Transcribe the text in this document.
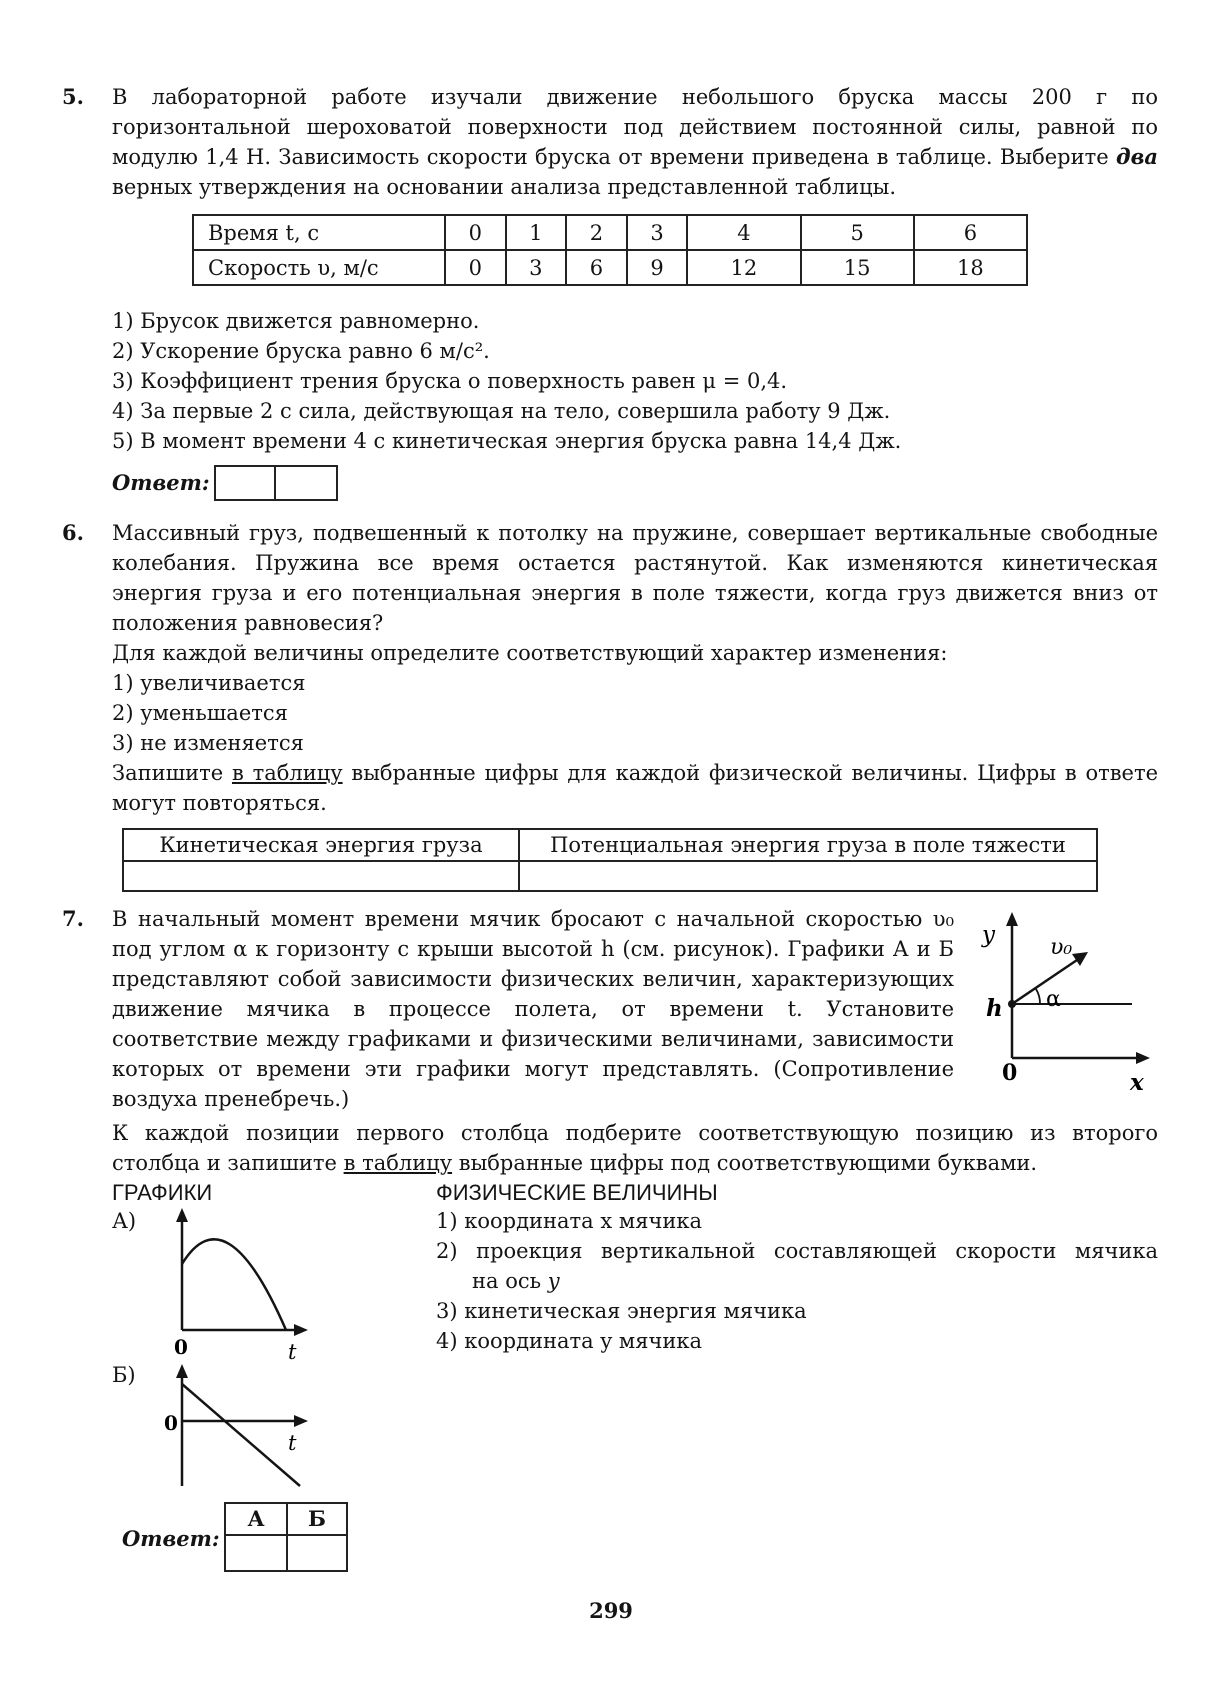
5. В лабораторной работе изучали движение небольшого бруска массы 200 г по горизонтальной шероховатой поверхности под действием постоянной силы, равной по модулю 1,4 Н. Зависимость скорости бруска от времени приведена в таблице. Выберите два верных утверждения на основании анализа представленной таблицы.
Время t, с	0	1	2	3	4	5	6
Скорость υ, м/с	0	3	6	9	12	15	18
1) Брусок движется равномерно.
2) Ускорение бруска равно 6 м/с².
3) Коэффициент трения бруска о поверхность равен μ = 0,4.
4) За первые 2 с сила, действующая на тело, совершила работу 9 Дж.
5) В момент времени 4 с кинетическая энергия бруска равна 14,4 Дж.
Ответ:
6. Массивный груз, подвешенный к потолку на пружине, совершает вертикальные свободные колебания. Пружина все время остается растянутой. Как изменяются кинетическая энергия груза и его потенциальная энергия в поле тяжести, когда груз движется вниз от положения равновесия?
Для каждой величины определите соответствующий характер изменения:
1) увеличивается
2) уменьшается
3) не изменяется
Запишите в таблицу выбранные цифры для каждой физической величины. Цифры в ответе могут повторяться.
Кинетическая энергия груза	Потенциальная энергия груза в поле тяжести

7. В начальный момент времени мячик бросают с начальной скоростью υ₀ под углом α к горизонту с крыши высотой h (см. рисунок). Графики А и Б представляют собой зависимости физических величин, характеризующих движение мячика в процессе полета, от времени t. Установите соответствие между графиками и физическими величинами, зависимости которых от времени эти графики могут представлять. (Сопротивление воздуха пренебречь.)
y	υ₀
α
h
0	x
К каждой позиции первого столбца подберите соответствующую позицию из второго столбца и запишите в таблицу выбранные цифры под соответствующими буквами.
ГРАФИКИ	ФИЗИЧЕСКИЕ ВЕЛИЧИНЫ
А)
0	t
Б)
0
t
1) координата x мячика
2) проекция вертикальной составляющей скорости мячика
на ось y
3) кинетическая энергия мячика
4) координата y мячика
Ответ:
А	Б

299
